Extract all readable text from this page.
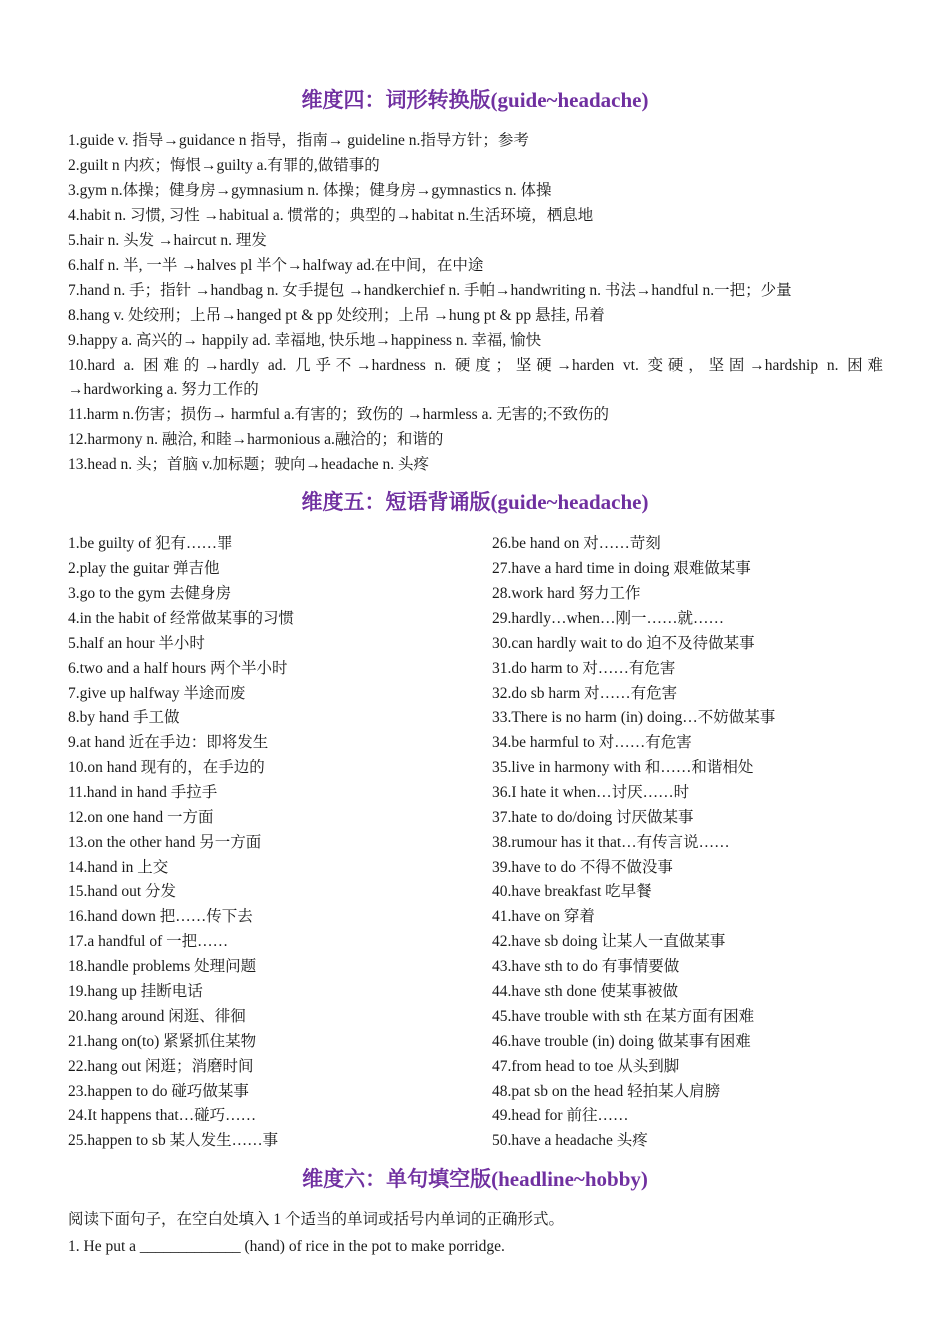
维度四：词形转换版(guide~headache)
1.guide v. 指导→guidance n 指导，指南→ guideline n.指导方针；参考
2.guilt n 内疚；悔恨→guilty a.有罪的,做错事的
3.gym n.体操；健身房→gymnasium n. 体操；健身房→gymnastics n. 体操
4.habit n. 习惯, 习性 →habitual a. 惯常的；典型的→habitat n.生活环境，栖息地
5.hair n. 头发 →haircut n. 理发
6.half n. 半, 一半 →halves pl 半个→halfway ad.在中间，在中途
7.hand n. 手；指针 →handbag n. 女手提包 →handkerchief n. 手帕→handwriting n. 书法→handful n.一把；少量
8.hang v. 处绞刑；上吊→hanged pt & pp 处绞刑；上吊 →hung pt & pp 悬挂, 吊着
9.happy a. 高兴的→ happily ad. 幸福地, 快乐地→happiness n. 幸福, 愉快
10.hard a. 困难的→hardly ad. 几乎不→hardness n. 硬度；坚硬→harden vt. 变硬，坚固→hardship n. 困难
→hardworking a. 努力工作的
11.harm n.伤害；损伤→ harmful a.有害的；致伤的 →harmless a. 无害的;不致伤的
12.harmony n. 融洽, 和睦→harmonious a.融洽的；和谐的
13.head n. 头；首脑 v.加标题；驶向→headache n. 头疼
维度五：短语背诵版(guide~headache)
1.be guilty of 犯有……罪
2.play the guitar 弹吉他
3.go to the gym 去健身房
4.in the habit of 经常做某事的习惯
5.half an hour 半小时
6.two and a half hours 两个半小时
7.give up halfway 半途而废
8.by hand 手工做
9.at hand 近在手边：即将发生
10.on hand 现有的，在手边的
11.hand in hand 手拉手
12.on one hand 一方面
13.on the other hand 另一方面
14.hand in 上交
15.hand out 分发
16.hand down 把……传下去
17.a handful of 一把……
18.handle problems 处理问题
19.hang up 挂断电话
20.hang around 闲逛、徘徊
21.hang on(to) 紧紧抓住某物
22.hang out 闲逛；消磨时间
23.happen to do 碰巧做某事
24.It happens that…碰巧……
25.happen to sb 某人发生……事
26.be hand on 对……苛刻
27.have a hard time in doing 艰难做某事
28.work hard 努力工作
29.hardly…when…刚一……就……
30.can hardly wait to do 迫不及待做某事
31.do harm to 对……有危害
32.do sb harm 对……有危害
33.There is no harm (in) doing…不妨做某事
34.be harmful to 对……有危害
35.live in harmony with 和……和谐相处
36.I hate it when…讨厌……时
37.hate to do/doing 讨厌做某事
38.rumour has it that…有传言说……
39.have to do 不得不做没事
40.have breakfast 吃早餐
41.have on 穿着
42.have sb doing 让某人一直做某事
43.have sth to do 有事情要做
44.have sth done 使某事被做
45.have trouble with sth 在某方面有困难
46.have trouble (in) doing 做某事有困难
47.from head to toe 从头到脚
48.pat sb on the head 轻拍某人肩膀
49.head for 前往……
50.have a headache 头疼
维度六：单句填空版(headline~hobby)
阅读下面句子，在空白处填入 1 个适当的单词或括号内单词的正确形式。
1. He put a _____________ (hand) of rice in the pot to make porridge.
